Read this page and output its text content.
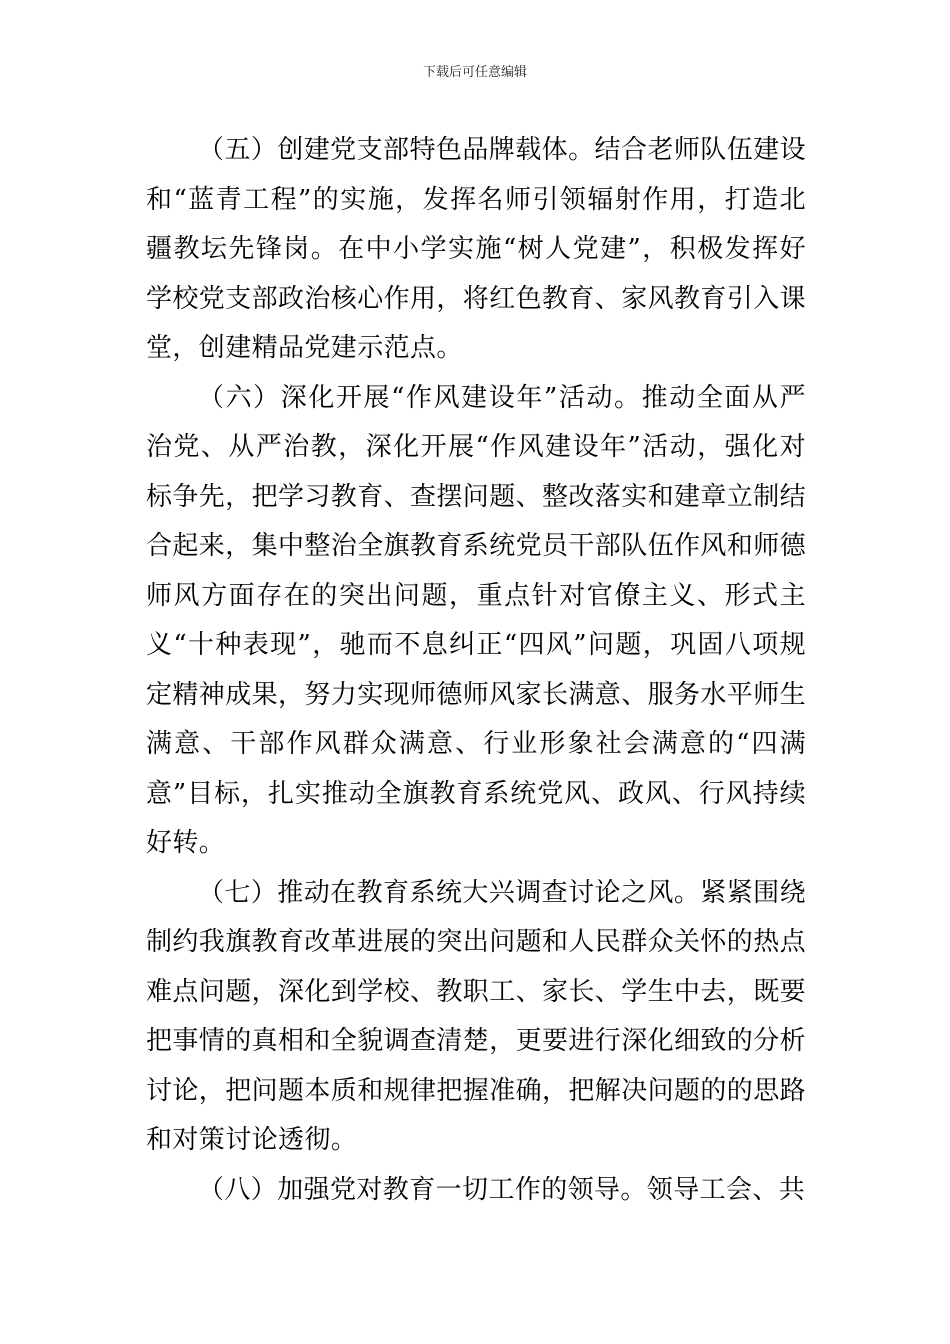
下载后可任意编辑

（五）创建党支部特色品牌载体。结合老师队伍建设和“蓝青工程”的实施，发挥名师引领辐射作用，打造北疆教坛先锋岗。在中小学实施“树人党建”，积极发挥好学校党支部政治核心作用，将红色教育、家风教育引入课堂，创建精品党建示范点。

（六）深化开展“作风建设年”活动。推动全面从严治党、从严治教，深化开展“作风建设年”活动，强化对标争先，把学习教育、查摆问题、整改落实和建章立制结合起来，集中整治全旗教育系统党员干部队伍作风和师德师风方面存在的突出问题，重点针对官僚主义、形式主义“十种表现”，驰而不息纠正“四风”问题，巩固八项规定精神成果，努力实现师德师风家长满意、服务水平师生满意、干部作风群众满意、行业形象社会满意的“四满意”目标，扎实推动全旗教育系统党风、政风、行风持续好转。

（七）推动在教育系统大兴调查讨论之风。紧紧围绕制约我旗教育改革进展的突出问题和人民群众关怀的热点难点问题，深化到学校、教职工、家长、学生中去，既要把事情的真相和全貌调查清楚，更要进行深化细致的分析讨论，把问题本质和规律把握准确，把解决问题的的思路和对策讨论透彻。

（八）加强党对教育一切工作的领导。领导工会、共
